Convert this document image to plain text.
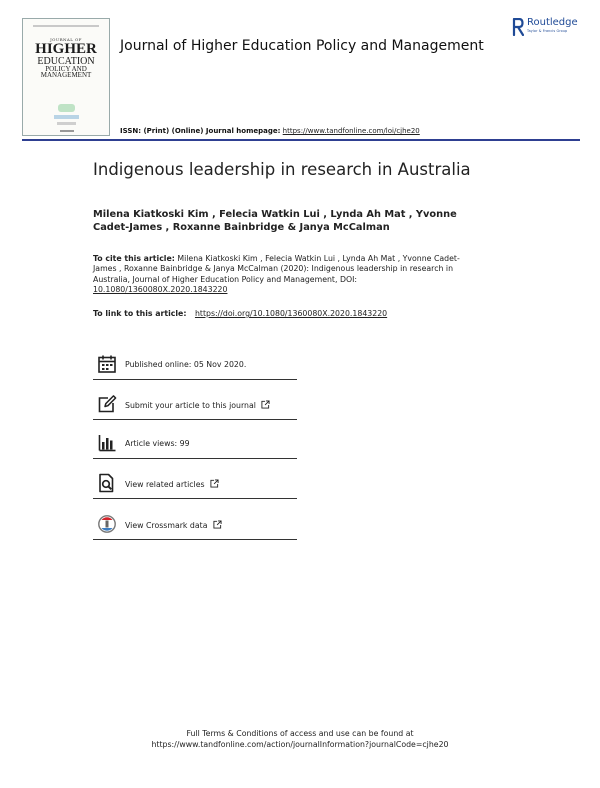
JOURNAL OF
HIGHER
EDUCATION
POLICY AND
MANAGEMENT
Journal of Higher Education Policy and Management
Routledge
Taylor & Francis Group
ISSN: (Print) (Online) Journal homepage: https://www.tandfonline.com/loi/cjhe20
Indigenous leadership in research in Australia
Milena Kiatkoski Kim , Felecia Watkin Lui , Lynda Ah Mat , Yvonne Cadet-James , Roxanne Bainbridge & Janya McCalman
To cite this article: Milena Kiatkoski Kim , Felecia Watkin Lui , Lynda Ah Mat , Yvonne Cadet-James , Roxanne Bainbridge & Janya McCalman (2020): Indigenous leadership in research in Australia, Journal of Higher Education Policy and Management, DOI: 10.1080/1360080X.2020.1843220
To link to this article: https://doi.org/10.1080/1360080X.2020.1843220
Published online: 05 Nov 2020.
Submit your article to this journal
Article views: 99
View related articles
View Crossmark data
Full Terms & Conditions of access and use can be found at
https://www.tandfonline.com/action/journalInformation?journalCode=cjhe20
